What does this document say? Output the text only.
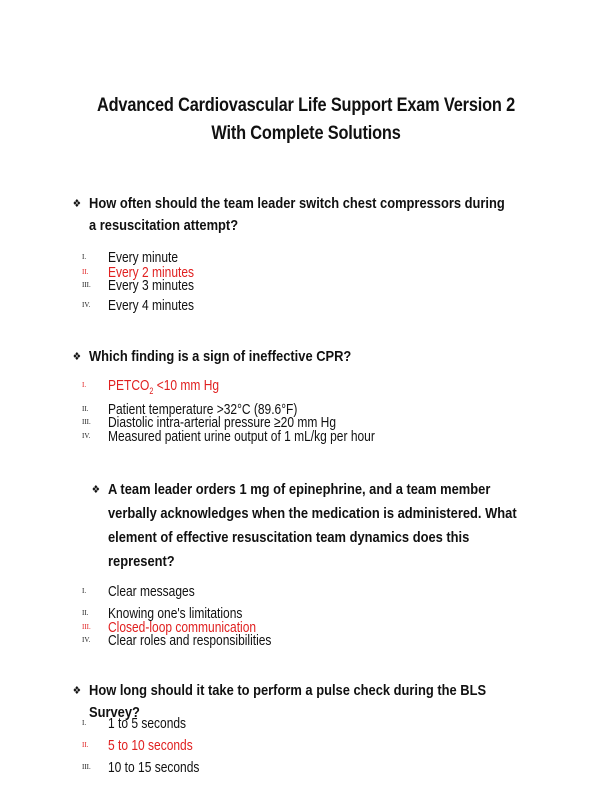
Advanced Cardiovascular Life Support Exam Version 2
With Complete Solutions
❖ How often should the team leader switch chest compressors during a resuscitation attempt?
I.	Every minute
II.	Every 2 minutes
III.	Every 3 minutes
IV.	Every 4 minutes
❖ Which finding is a sign of ineffective CPR?
I.	$PETCO_2 <10$ mm Hg
II.	Patient temperature >32°C (89.6°F)
III.	Diastolic intra-arterial pressure ≥20 mm Hg
IV.	Measured patient urine output of 1 mL/kg per hour
❖ A team leader orders 1 mg of epinephrine, and a team member verbally acknowledges when the medication is administered. What element of effective resuscitation team dynamics does this represent?
I.	Clear messages
II.	Knowing one's limitations
III.	Closed-loop communication
IV.	Clear roles and responsibilities
❖ How long should it take to perform a pulse check during the BLS Survey?
I.	1 to 5 seconds
II.	5 to 10 seconds
III.	10 to 15 seconds
